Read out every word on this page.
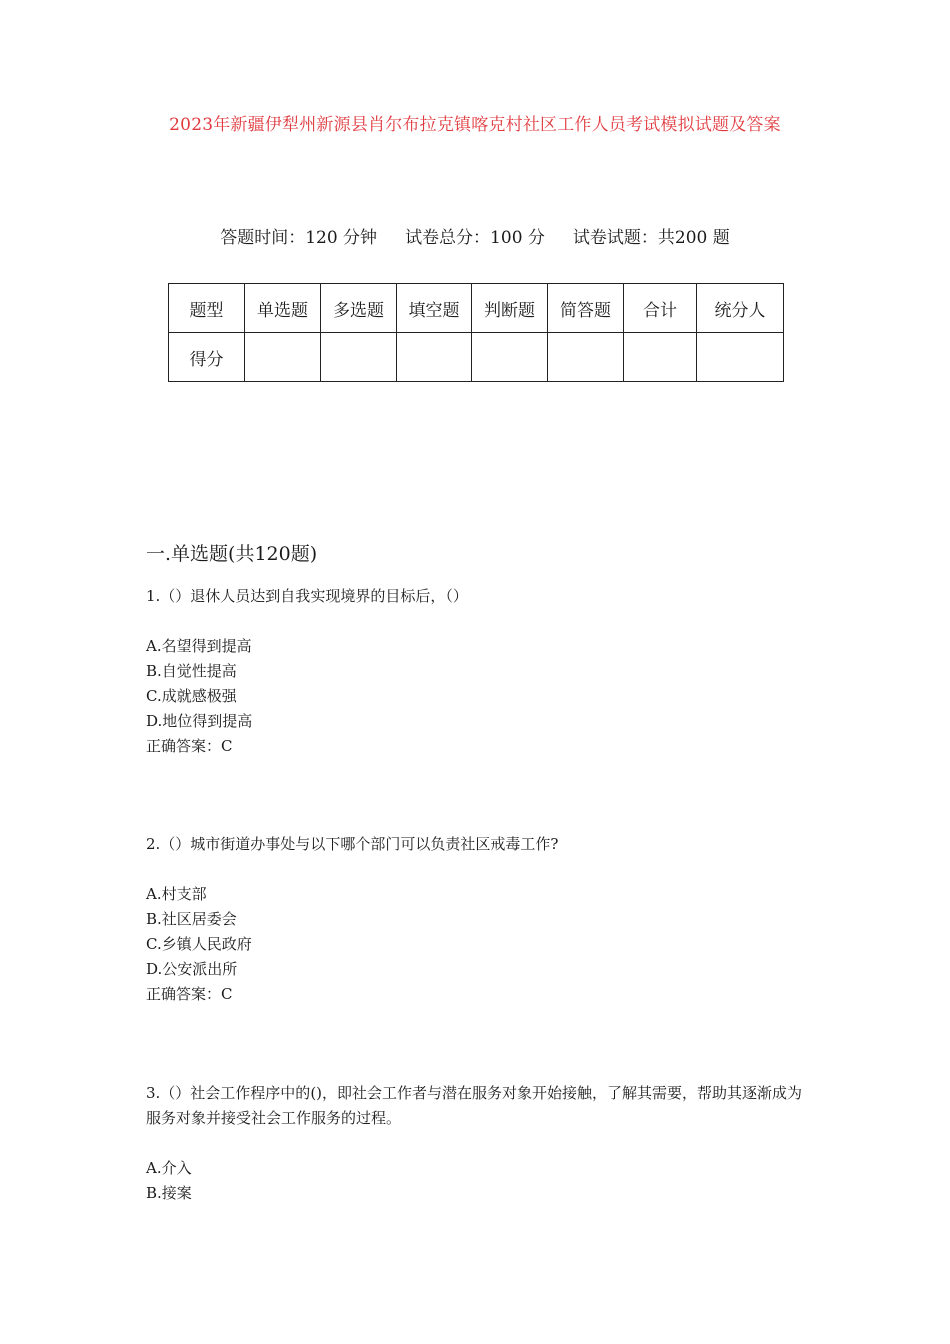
2023年新疆伊犁州新源县肖尔布拉克镇喀克村社区工作人员考试模拟试题及答案
答题时间：120 分钟 试卷总分：100 分 试卷试题：共200 题
题型	单选题	多选题	填空题	判断题	简答题	合计	统分人
得分							
一.单选题(共120题)
1.（）退休人员达到自我实现境界的目标后，（）
A.名望得到提高
B.自觉性提高
C.成就感极强
D.地位得到提高
正确答案：C
2.（）城市街道办事处与以下哪个部门可以负责社区戒毒工作?
A.村支部
B.社区居委会
C.乡镇人民政府
D.公安派出所
正确答案：C
3.（）社会工作程序中的()，即社会工作者与潜在服务对象开始接触，了解其需要，帮助其逐渐成为服务对象并接受社会工作服务的过程。
A.介入
B.接案
